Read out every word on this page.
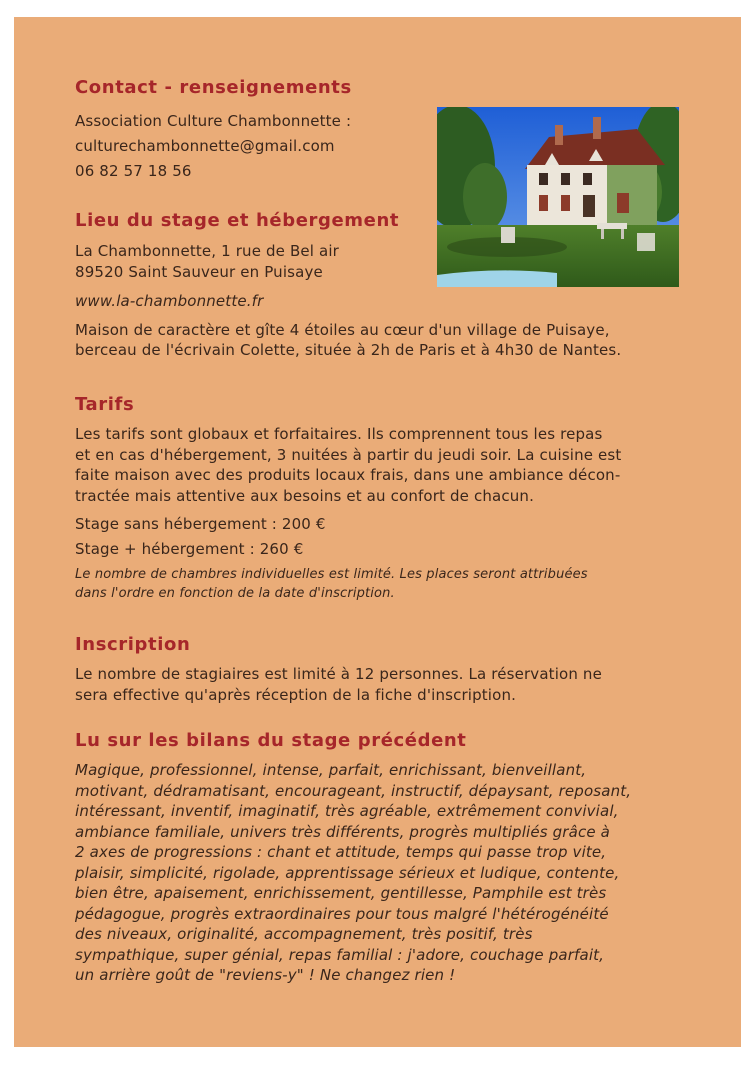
Contact - renseignements

Association Culture Chambonnette :

culturechambonnette@gmail.com

06 82 57 18 56

Lieu du stage et hébergement

La Chambonnette, 1 rue de Bel air

89520 Saint Sauveur en Puisaye

www.la-chambonnette.fr

Maison de caractère et gîte 4 étoiles au cœur d'un village de Puisaye,

berceau de l'écrivain Colette, située à 2h de Paris et à 4h30 de Nantes.

Tarifs

Les tarifs sont globaux et forfaitaires. Ils comprennent tous les repas

et en cas d'hébergement, 3 nuitées à partir du jeudi soir. La cuisine est

faite maison avec des produits locaux frais, dans une ambiance décon-

tractée mais attentive aux besoins et au confort de chacun.

Stage sans hébergement : 200 €

Stage + hébergement : 260 €

Le nombre de chambres individuelles est limité. Les places seront attribuées

dans l'ordre en fonction de la date d'inscription.

Inscription

Le nombre de stagiaires est limité à 12 personnes. La réservation ne

sera effective qu'après réception de la fiche d'inscription.

Lu sur les bilans du stage précédent

Magique, professionnel, intense, parfait, enrichissant, bienveillant,

motivant, dédramatisant, encourageant, instructif, dépaysant, reposant,

intéressant, inventif, imaginatif, très agréable, extrêmement convivial,

ambiance familiale, univers très différents, progrès multipliés grâce à

2 axes de progressions : chant et attitude, temps qui passe trop vite,

plaisir, simplicité, rigolade, apprentissage sérieux et ludique, contente,

bien être, apaisement, enrichissement, gentillesse, Pamphile est très

pédagogue, progrès extraordinaires pour tous malgré l'hétérogénéité

des niveaux, originalité, accompagnement, très positif, très

sympathique, super génial, repas familial : j'adore, couchage parfait,

un arrière goût de "reviens-y" ! Ne changez rien !
